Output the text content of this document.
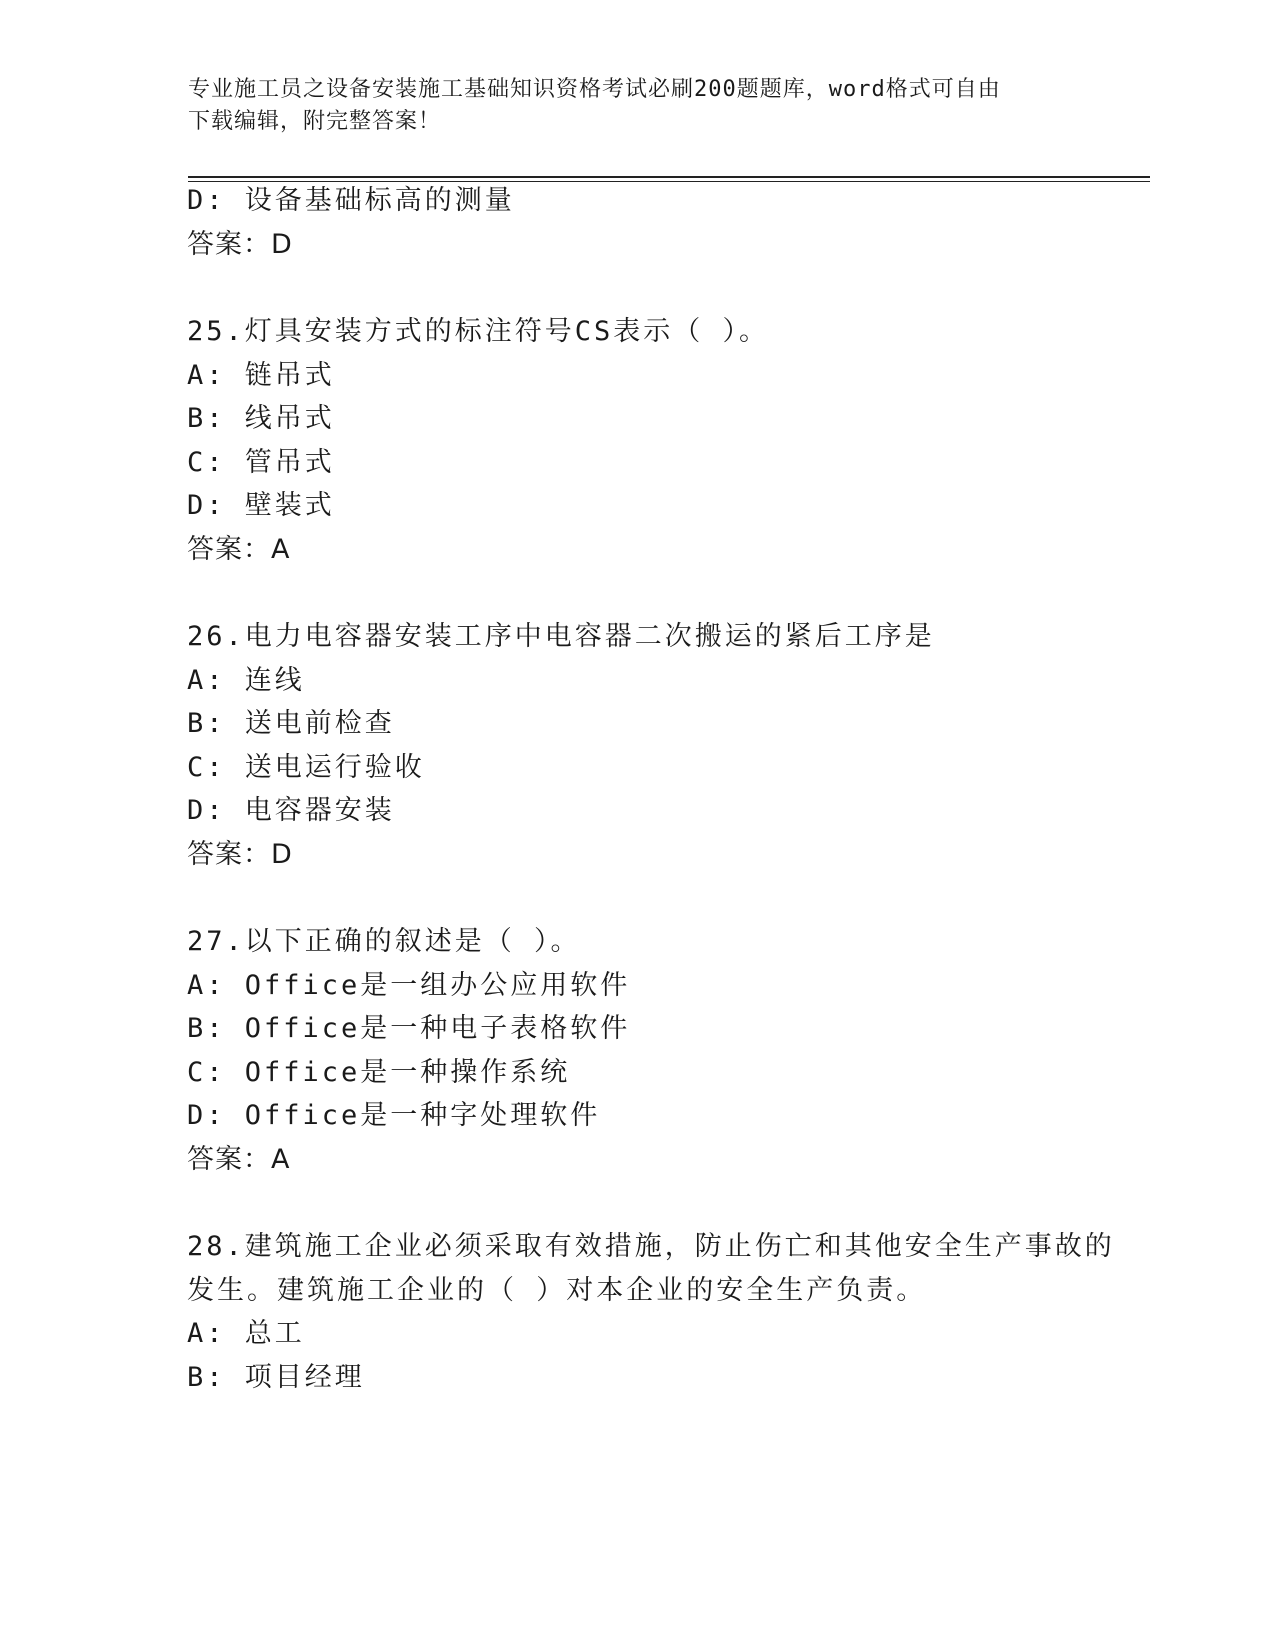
专业施工员之设备安装施工基础知识资格考试必刷200题题库，word格式可自由
下载编辑，附完整答案！
D: 设备基础标高的测量
答案：D
25.灯具安装方式的标注符号CS表示（ ）。
A: 链吊式
B: 线吊式
C: 管吊式
D: 壁装式
答案：A
26.电力电容器安装工序中电容器二次搬运的紧后工序是
A: 连线
B: 送电前检查
C: 送电运行验收
D: 电容器安装
答案：D
27.以下正确的叙述是（ ）。
A: Office是一组办公应用软件
B: Office是一种电子表格软件
C: Office是一种操作系统
D: Office是一种字处理软件
答案：A
28.建筑施工企业必须采取有效措施，防止伤亡和其他安全生产事故的
发生。建筑施工企业的（ ）对本企业的安全生产负责。
A: 总工
B: 项目经理
